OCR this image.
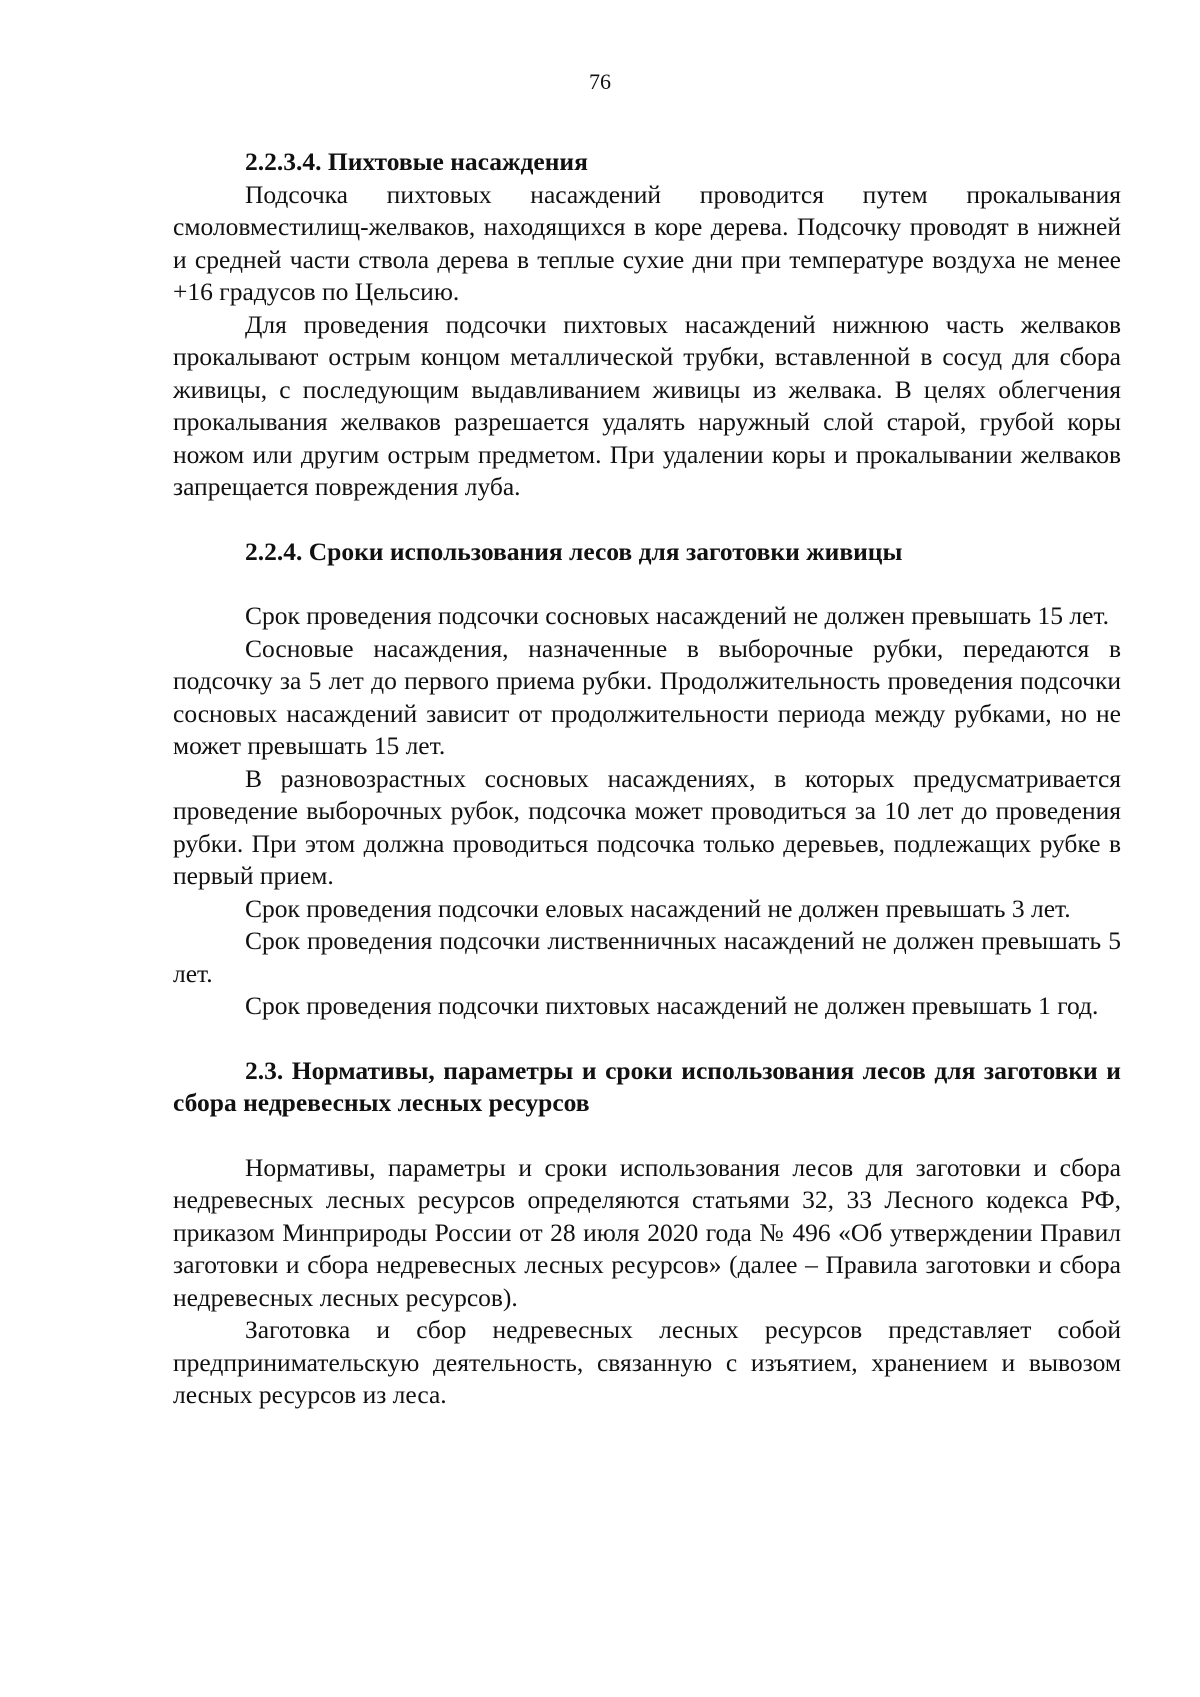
76

2.2.3.4. Пихтовые насаждения

Подсочка пихтовых насаждений проводится путем прокалывания смоловместилищ-желваков, находящихся в коре дерева. Подсочку проводят в нижней и средней части ствола дерева в теплые сухие дни при температуре воздуха не менее +16 градусов по Цельсию.

Для проведения подсочки пихтовых насаждений нижнюю часть желваков прокалывают острым концом металлической трубки, вставленной в сосуд для сбора живицы, с последующим выдавливанием живицы из желвака. В целях облегчения прокалывания желваков разрешается удалять наружный слой старой, грубой коры ножом или другим острым предметом. При удалении коры и прокалывании желваков запрещается повреждения луба.

2.2.4. Сроки использования лесов для заготовки живицы

Срок проведения подсочки сосновых насаждений не должен превышать 15 лет.

Сосновые насаждения, назначенные в выборочные рубки, передаются в подсочку за 5 лет до первого приема рубки. Продолжительность проведения подсочки сосновых насаждений зависит от продолжительности периода между рубками, но не может превышать 15 лет.

В разновозрастных сосновых насаждениях, в которых предусматривается проведение выборочных рубок, подсочка может проводиться за 10 лет до проведения рубки. При этом должна проводиться подсочка только деревьев, подлежащих рубке в первый прием.

Срок проведения подсочки еловых насаждений не должен превышать 3 лет.

Срок проведения подсочки лиственничных насаждений не должен превышать 5 лет.

Срок проведения подсочки пихтовых насаждений не должен превышать 1 год.

2.3. Нормативы, параметры и сроки использования лесов для заготовки и сбора недревесных лесных ресурсов

Нормативы, параметры и сроки использования лесов для заготовки и сбора недревесных лесных ресурсов определяются статьями 32, 33 Лесного кодекса РФ, приказом Минприроды России от 28 июля 2020 года № 496 «Об утверждении Правил заготовки и сбора недревесных лесных ресурсов» (далее – Правила заготовки и сбора недревесных лесных ресурсов).

Заготовка и сбор недревесных лесных ресурсов представляет собой предпринимательскую деятельность, связанную с изъятием, хранением и вывозом лесных ресурсов из леса.
